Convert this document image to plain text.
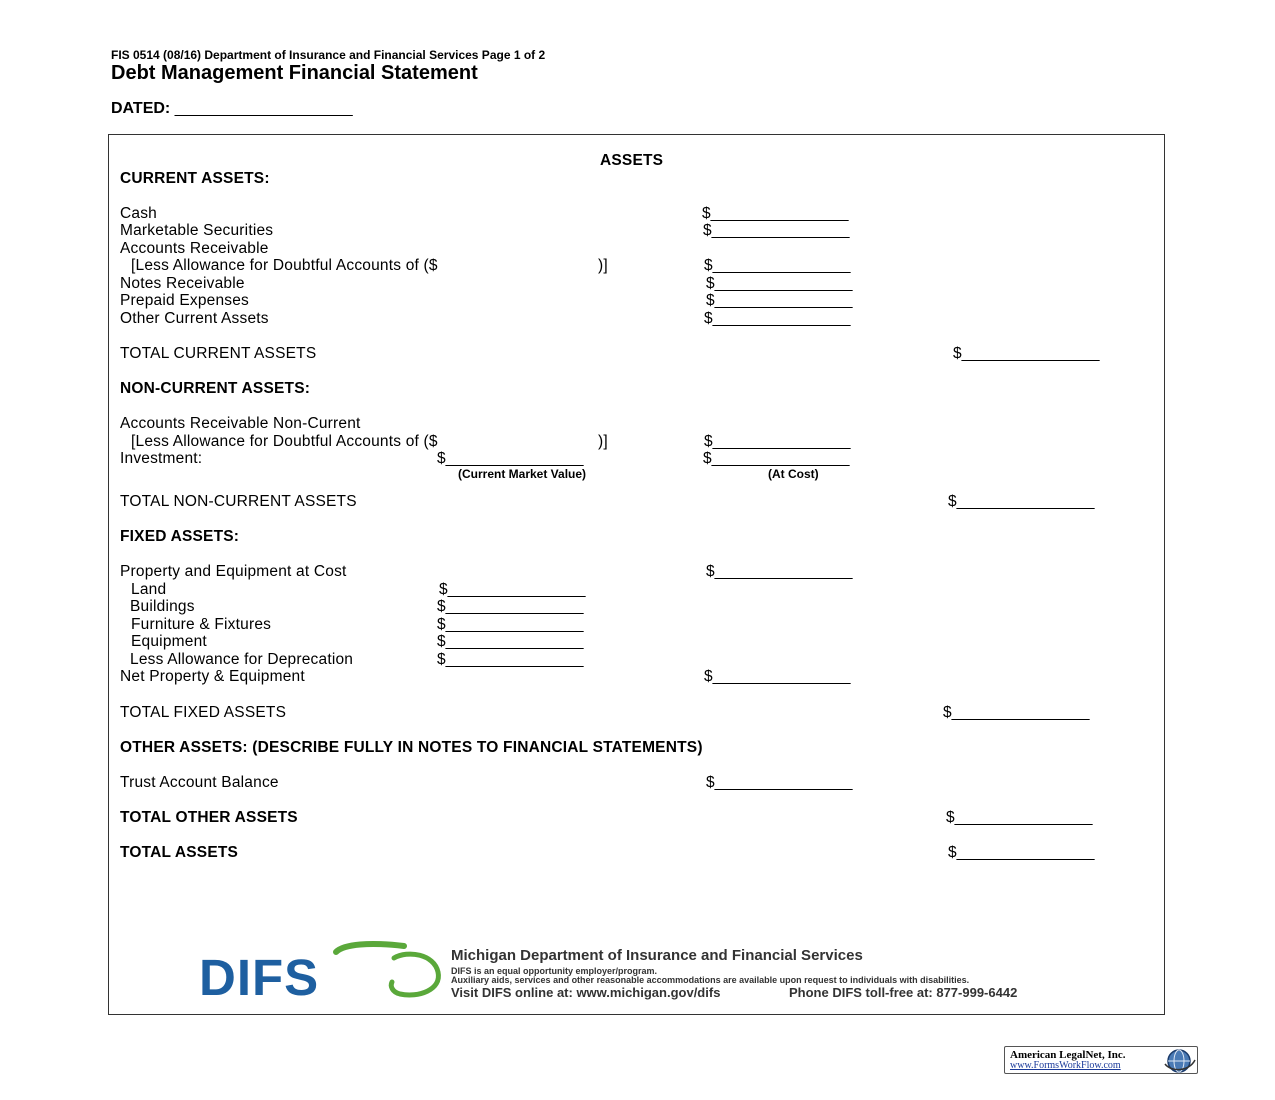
FIS 0514 (08/16) Department of Insurance and Financial Services Page 1 of 2
Debt Management Financial Statement
DATED: ____________________
ASSETS
CURRENT ASSETS:
Cash	$________________
Marketable Securities	$________________
Accounts Receivable
[Less Allowance for Doubtful Accounts of ($	)]	$________________
Notes Receivable	$________________
Prepaid Expenses	$________________
Other Current Assets	$________________
TOTAL CURRENT ASSETS	$________________
NON-CURRENT ASSETS:
Accounts Receivable Non-Current
[Less Allowance for Doubtful Accounts of ($	)]	$________________
Investment:	$________________	$________________
(Current Market Value)	(At Cost)
TOTAL NON-CURRENT ASSETS	$________________
FIXED ASSETS:
Property and Equipment at Cost	$________________
Land	$________________
Buildings	$________________
Furniture & Fixtures	$________________
Equipment	$________________
Less Allowance for Deprecation	$________________
Net Property & Equipment	$________________
TOTAL FIXED ASSETS	$________________
OTHER ASSETS: (DESCRIBE FULLY IN NOTES TO FINANCIAL STATEMENTS)
Trust Account Balance	$________________
TOTAL OTHER ASSETS	$________________
TOTAL ASSETS	$________________
DIFS	Michigan Department of Insurance and Financial Services
DIFS is an equal opportunity employer/program.
Auxiliary aids, services and other reasonable accommodations are available upon request to individuals with disabilities.
Visit DIFS online at: www.michigan.gov/difs	Phone DIFS toll-free at: 877-999-6442
American LegalNet, Inc.
www.FormsWorkFlow.com
